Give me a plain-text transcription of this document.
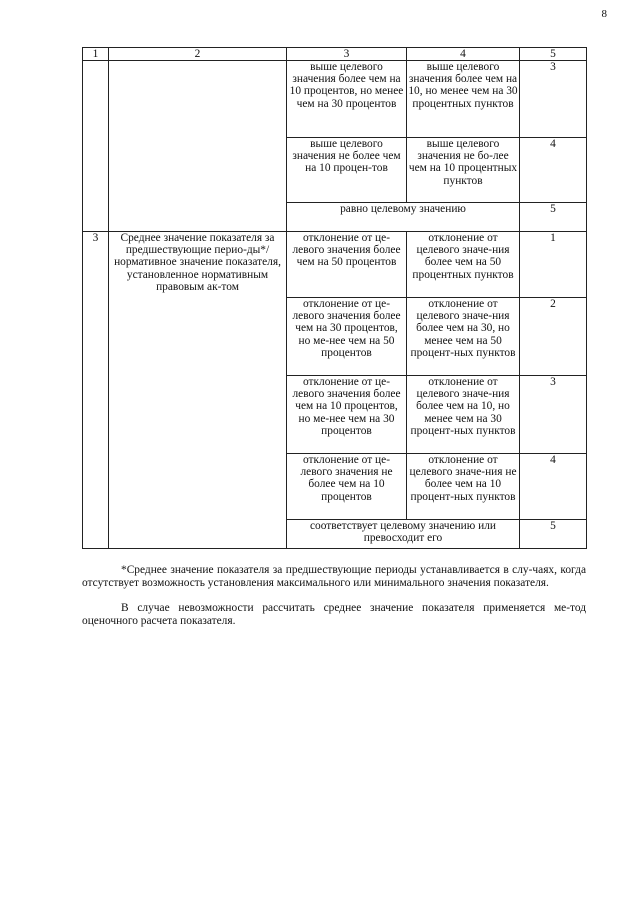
8
1	2	3	4	5
		выше целевого значения более чем на 10 процентов, но менее чем на 30 процентов	выше целевого значения более чем на 10, но менее чем на 30 процентных пунктов	3
		выше целевого значения не более чем на 10 процен-тов	выше целевого значения не бо-лее чем на 10 процентных пунктов	4
		равно целевому значению		5
3	Среднее значение показателя за предшествующие перио-ды*/нормативное значение показателя, установленное нормативным правовым ак-том	отклонение от це-левого значения более чем на 50 процентов	отклонение от целевого значе-ния более чем на 50 процентных пунктов	1
		отклонение от це-левого значения более чем на 30 процентов, но ме-нее чем на 50 процентов	отклонение от целевого значе-ния более чем на 30, но менее чем на 50 процент-ных пунктов	2
		отклонение от це-левого значения более чем на 10 процентов, но ме-нее чем на 30 процентов	отклонение от целевого значе-ния более чем на 10, но менее чем на 30 процент-ных пунктов	3
		отклонение от це-левого значения не более чем на 10 процентов	отклонение от целевого значе-ния не более чем на 10 процент-ных пунктов	4
		соответствует целевому значению или превосходит его		5

*Среднее значение показателя за предшествующие периоды устанавливается в слу-чаях, когда отсутствует возможность установления максимального или минимального значения показателя.

В случае невозможности рассчитать среднее значение показателя применяется ме-тод оценочного расчета показателя.
